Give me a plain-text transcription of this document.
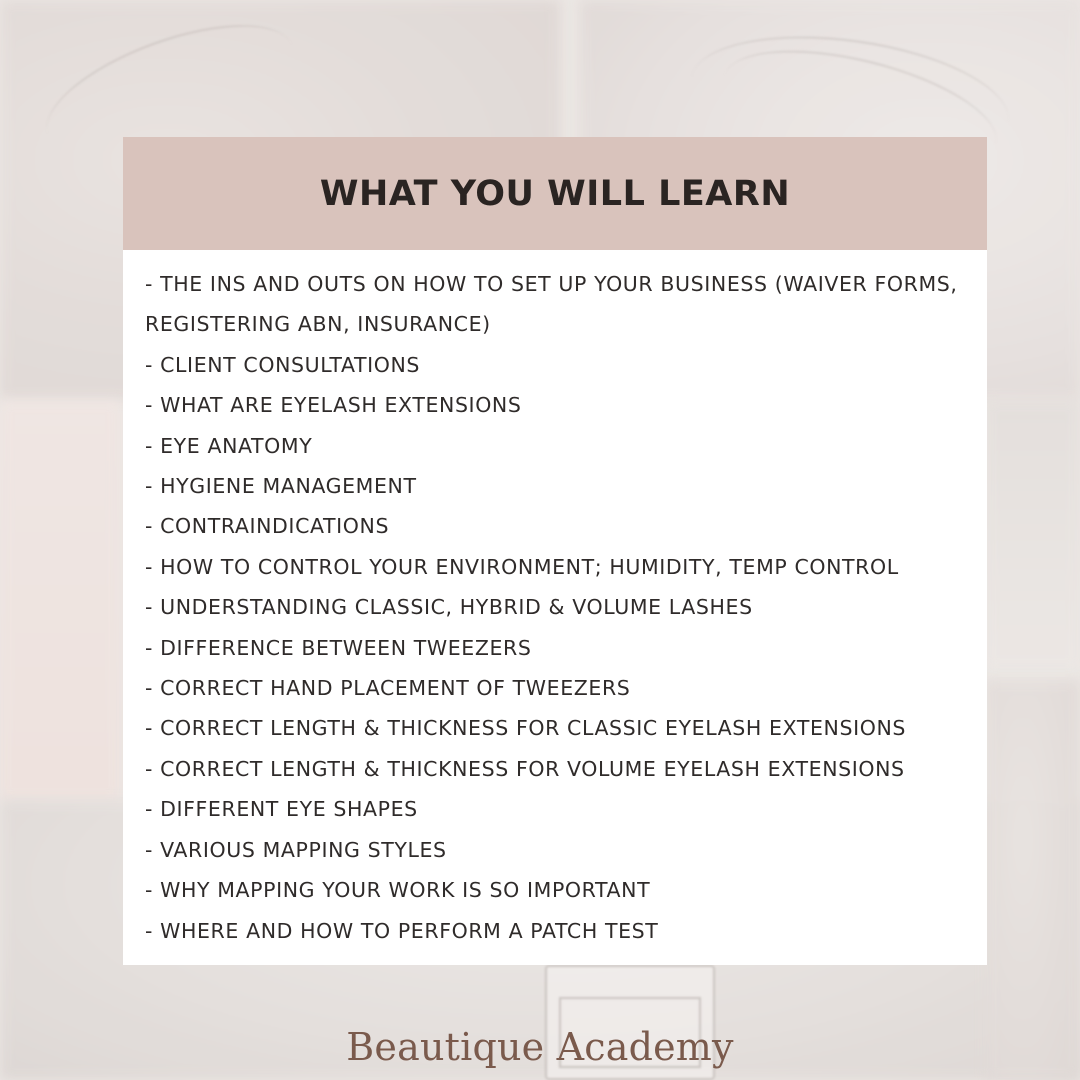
WHAT YOU WILL LEARN
- THE INS AND OUTS ON HOW TO SET UP YOUR BUSINESS (WAIVER FORMS, REGISTERING ABN, INSURANCE)
- CLIENT CONSULTATIONS
- WHAT ARE EYELASH EXTENSIONS
- EYE ANATOMY
- HYGIENE MANAGEMENT
- CONTRAINDICATIONS
- HOW TO CONTROL YOUR ENVIRONMENT; HUMIDITY, TEMP CONTROL
- UNDERSTANDING CLASSIC, HYBRID & VOLUME LASHES
- DIFFERENCE BETWEEN TWEEZERS
- CORRECT HAND PLACEMENT OF TWEEZERS
- CORRECT LENGTH & THICKNESS FOR CLASSIC EYELASH EXTENSIONS
- CORRECT LENGTH & THICKNESS FOR VOLUME EYELASH EXTENSIONS
- DIFFERENT EYE SHAPES
- VARIOUS MAPPING STYLES
- WHY MAPPING YOUR WORK IS SO IMPORTANT
- WHERE AND HOW TO PERFORM A PATCH TEST
Beautique Academy
